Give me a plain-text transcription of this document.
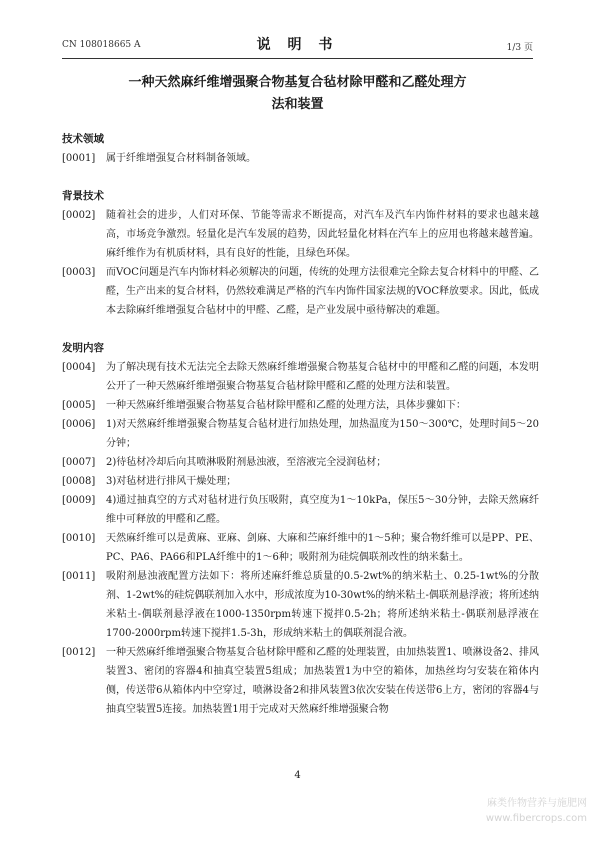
CN 108018665 A	说 明 书	1/3 页
一种天然麻纤维增强聚合物基复合毡材除甲醛和乙醛处理方
法和装置
技术领域
[0001]	属于纤维增强复合材料制备领域。
背景技术
[0002]	随着社会的进步，人们对环保、节能等需求不断提高，对汽车及汽车内饰件材料的要求也越来越高，市场竞争激烈。轻量化是汽车发展的趋势，因此轻量化材料在汽车上的应用也将越来越普遍。麻纤维作为有机质材料，具有良好的性能，且绿色环保。
[0003]	而VOC问题是汽车内饰材料必须解决的问题，传统的处理方法很难完全除去复合材料中的甲醛、乙醛，生产出来的复合材料，仍然较难满足严格的汽车内饰件国家法规的VOC释放要求。因此，低成本去除麻纤维增强复合毡材中的甲醛、乙醛，是产业发展中亟待解决的难题。
发明内容
[0004]	为了解决现有技术无法完全去除天然麻纤维增强聚合物基复合毡材中的甲醛和乙醛的问题，本发明公开了一种天然麻纤维增强聚合物基复合毡材除甲醛和乙醛的处理方法和装置。
[0005]	一种天然麻纤维增强聚合物基复合毡材除甲醛和乙醛的处理方法，具体步骤如下：
[0006]	1)对天然麻纤维增强聚合物基复合毡材进行加热处理，加热温度为150～300℃，处理时间5～20分钟；
[0007]	2)待毡材冷却后向其喷淋吸附剂悬浊液，至溶液完全浸润毡材；
[0008]	3)对毡材进行排风干燥处理；
[0009]	4)通过抽真空的方式对毡材进行负压吸附，真空度为1～10kPa，保压5～30分钟，去除天然麻纤维中可释放的甲醛和乙醛。
[0010]	天然麻纤维可以是黄麻、亚麻、剑麻、大麻和苎麻纤维中的1～5种；聚合物纤维可以是PP、PE、PC、PA6、PA66和PLA纤维中的1～6种；吸附剂为硅烷偶联剂改性的纳米黏土。
[0011]	吸附剂悬浊液配置方法如下：将所述麻纤维总质量的0.5-2wt%的纳米粘土、0.25-1wt%的分散剂、1-2wt%的硅烷偶联剂加入水中，形成浓度为10-30wt%的纳米粘土-偶联剂悬浮液；将所述纳米粘土-偶联剂悬浮液在1000-1350rpm转速下搅拌0.5-2h；将所述纳米粘土-偶联剂悬浮液在1700-2000rpm转速下搅拌1.5-3h，形成纳米粘土的偶联剂混合液。
[0012]	一种天然麻纤维增强聚合物基复合毡材除甲醛和乙醛的处理装置，由加热装置1、喷淋设备2、排风装置3、密闭的容器4和抽真空装置5组成；加热装置1为中空的箱体，加热丝均匀安装在箱体内侧，传送带6从箱体内中空穿过，喷淋设备2和排风装置3依次安装在传送带6上方，密闭的容器4与抽真空装置5连接。加热装置1用于完成对天然麻纤维增强聚合物
4
麻类作物营养与施肥网
www.fibercrops.com
